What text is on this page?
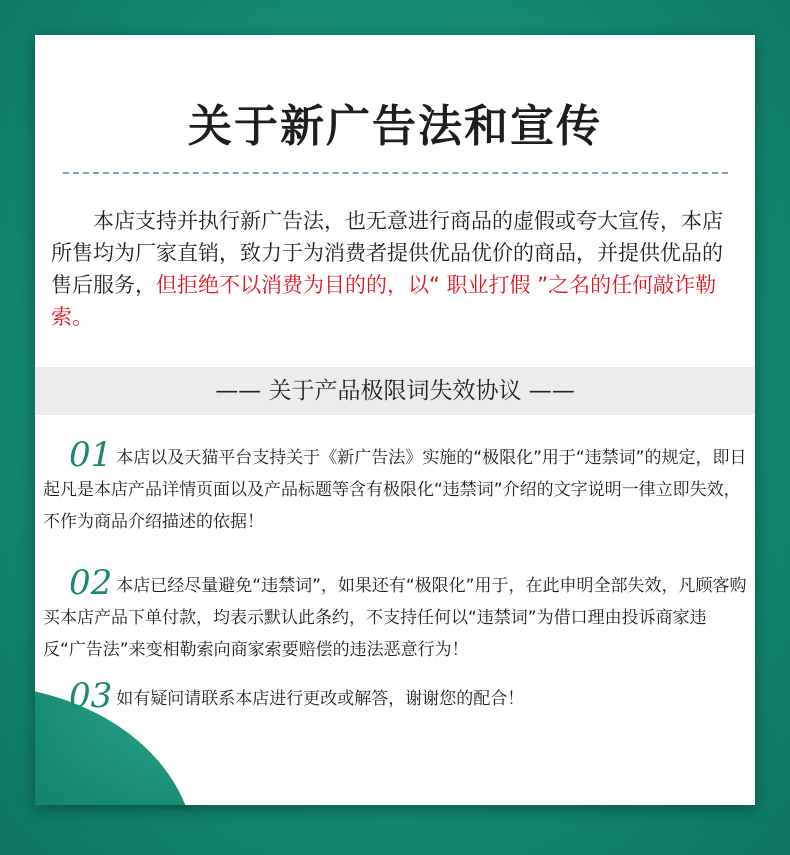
关于新广告法和宣传
本店支持并执行新广告法，也无意进行商品的虚假或夸大宣传，本店所售均为厂家直销，致力于为消费者提供优品优价的商品，并提供优品的售后服务，但拒绝不以消费为目的的，以“ 职业打假 ”之名的任何敲诈勒索。
—— 关于产品极限词失效协议 ——
01 本店以及天猫平台支持关于《新广告法》实施的“极限化”用于“违禁词”的规定，即日起凡是本店产品详情页面以及产品标题等含有极限化“违禁词”介绍的文字说明一律立即失效，不作为商品介绍描述的依据！
02 本店已经尽量避免“违禁词”，如果还有“极限化”用于，在此申明全部失效，凡顾客购买本店产品下单付款，均表示默认此条约，不支持任何以“违禁词”为借口理由投诉商家违反“广告法”来变相勒索向商家索要赔偿的违法恶意行为！
03 如有疑问请联系本店进行更改或解答，谢谢您的配合！
